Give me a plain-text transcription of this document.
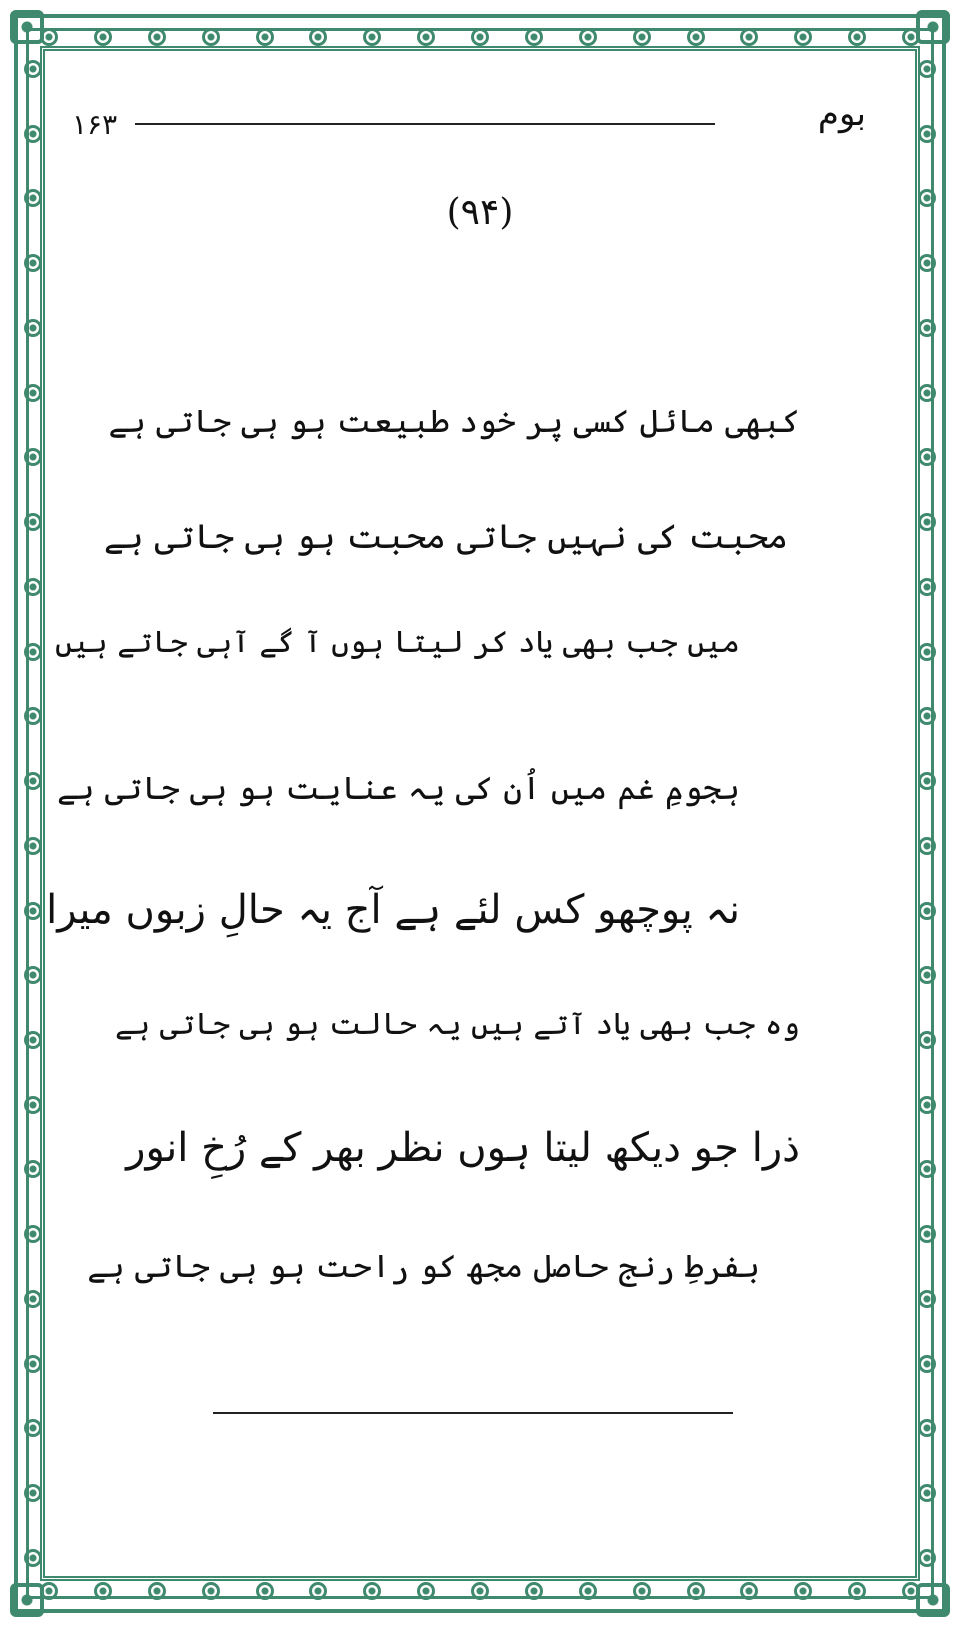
۱۶۳	بوم
(۹۴)
کبھی مائل کسی پر خود طبیعت ہو ہی جاتی ہے
محبت کی نہیں جاتی محبت ہو ہی جاتی ہے
میں جب بھی یاد کر لیتا ہوں آ گے آہی جاتے ہیں
ہجومِ غم میں اُن کی یہ عنایت ہو ہی جاتی ہے
نہ پوچھو کس لئے ہے آج یہ حالِ زبوں میرا
وہ جب بھی یاد آتے ہیں یہ حالت ہو ہی جاتی ہے
ذرا جو دیکھ لیتا ہوں نظر بھر کے رُخِ انور
بفرطِ رنج حاصل مجھ کو راحت ہو ہی جاتی ہے
